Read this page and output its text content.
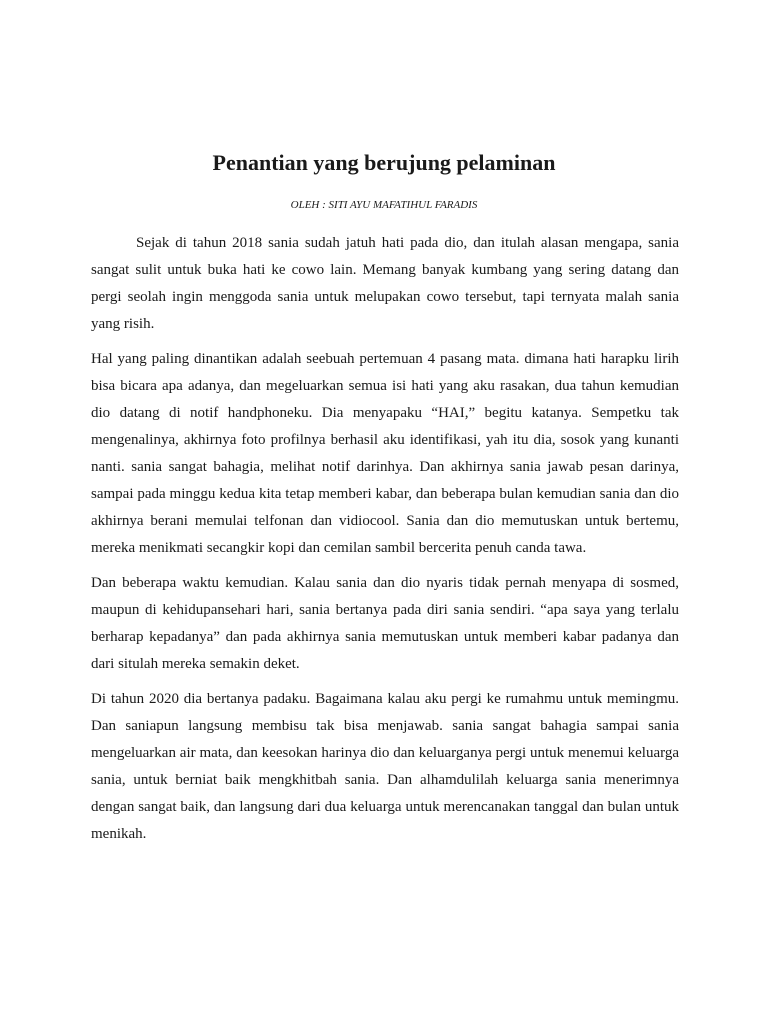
Penantian yang berujung pelaminan

OLEH : SITI AYU MAFATIHUL FARADIS

Sejak di tahun 2018 sania sudah jatuh hati pada dio, dan itulah alasan mengapa, sania sangat sulit untuk buka hati ke cowo lain. Memang banyak kumbang yang sering datang dan pergi seolah ingin menggoda sania untuk melupakan cowo tersebut, tapi ternyata malah sania yang risih.

Hal yang paling dinantikan adalah seebuah pertemuan 4 pasang mata. dimana hati harapku lirih bisa bicara apa adanya, dan megeluarkan semua isi hati yang aku rasakan, dua tahun kemudian dio datang di notif handphoneku. Dia menyapaku “HAI,” begitu katanya. Sempetku tak mengenalinya, akhirnya foto profilnya berhasil aku identifikasi, yah itu dia, sosok yang kunanti nanti. sania sangat bahagia, melihat notif darinhya. Dan akhirnya sania jawab pesan darinya, sampai pada minggu kedua kita tetap memberi kabar, dan beberapa bulan kemudian sania dan dio akhirnya berani memulai telfonan dan vidiocool. Sania dan dio memutuskan untuk bertemu, mereka menikmati secangkir kopi dan cemilan sambil bercerita penuh canda tawa.

Dan beberapa waktu kemudian. Kalau sania dan dio nyaris tidak pernah menyapa di sosmed, maupun di kehidupansehari hari, sania bertanya pada diri sania sendiri. “apa saya yang terlalu berharap kepadanya” dan pada akhirnya sania memutuskan untuk memberi kabar padanya dan dari situlah mereka semakin deket.

Di tahun 2020 dia bertanya padaku. Bagaimana kalau aku pergi ke rumahmu untuk memingmu. Dan saniapun langsung membisu tak bisa menjawab. sania sangat bahagia sampai sania mengeluarkan air mata, dan keesokan harinya dio dan keluarganya pergi untuk menemui keluarga sania, untuk berniat baik mengkhitbah sania. Dan alhamdulilah keluarga sania menerimnya dengan sangat baik, dan langsung dari dua keluarga untuk merencanakan tanggal dan bulan untuk menikah.
